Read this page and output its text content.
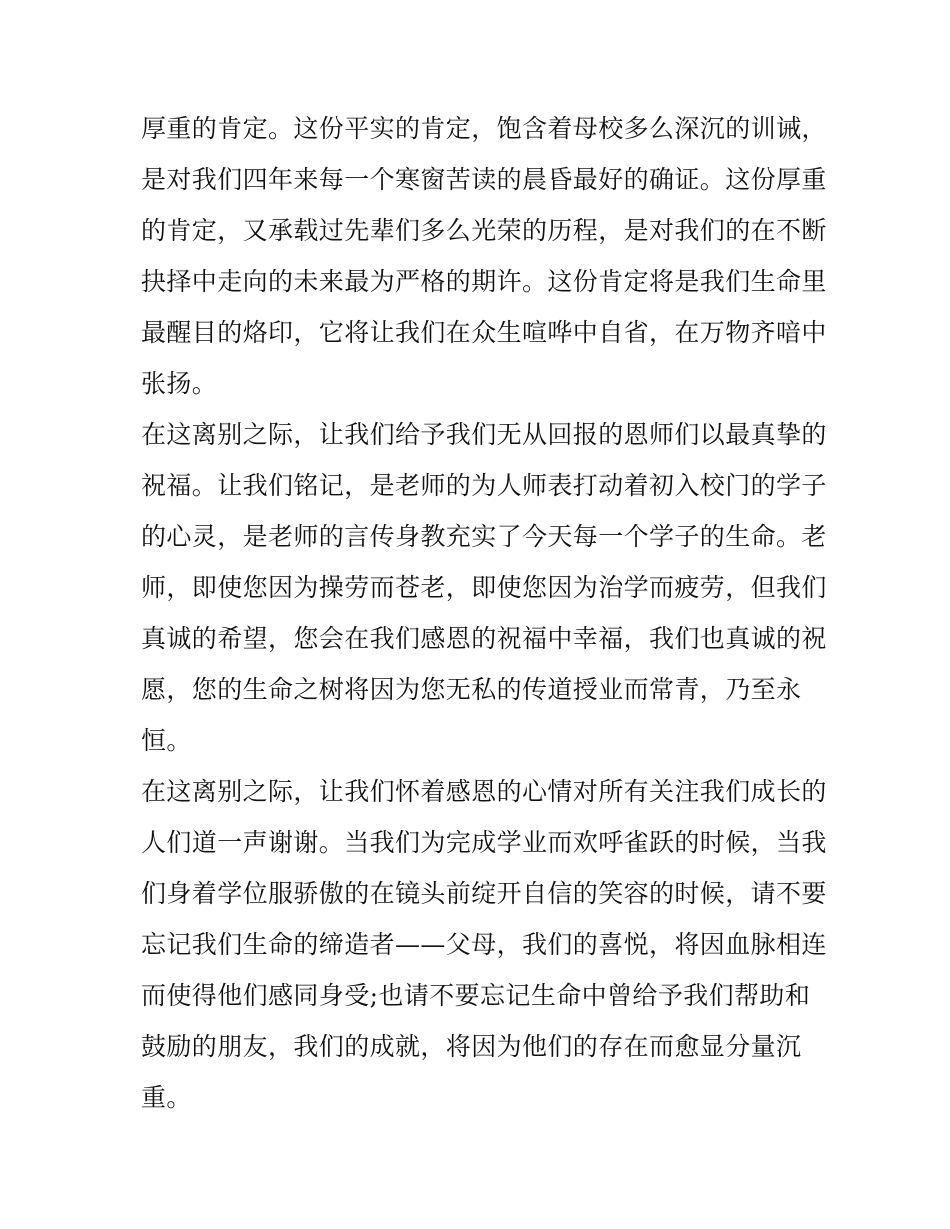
厚重的肯定。这份平实的肯定，饱含着母校多么深沉的训诫，
是对我们四年来每一个寒窗苦读的晨昏最好的确证。这份厚重
的肯定，又承载过先辈们多么光荣的历程，是对我们的在不断
抉择中走向的未来最为严格的期许。这份肯定将是我们生命里
最醒目的烙印，它将让我们在众生喧哗中自省，在万物齐喑中
张扬。
在这离别之际，让我们给予我们无从回报的恩师们以最真挚的
祝福。让我们铭记，是老师的为人师表打动着初入校门的学子
的心灵，是老师的言传身教充实了今天每一个学子的生命。老
师，即使您因为操劳而苍老，即使您因为治学而疲劳，但我们
真诚的希望，您会在我们感恩的祝福中幸福，我们也真诚的祝
愿，您的生命之树将因为您无私的传道授业而常青，乃至永
恒。
在这离别之际，让我们怀着感恩的心情对所有关注我们成长的
人们道一声谢谢。当我们为完成学业而欢呼雀跃的时候，当我
们身着学位服骄傲的在镜头前绽开自信的笑容的时候，请不要
忘记我们生命的缔造者——父母，我们的喜悦，将因血脉相连
而使得他们感同身受;也请不要忘记生命中曾给予我们帮助和
鼓励的朋友，我们的成就，将因为他们的存在而愈显分量沉
重。
